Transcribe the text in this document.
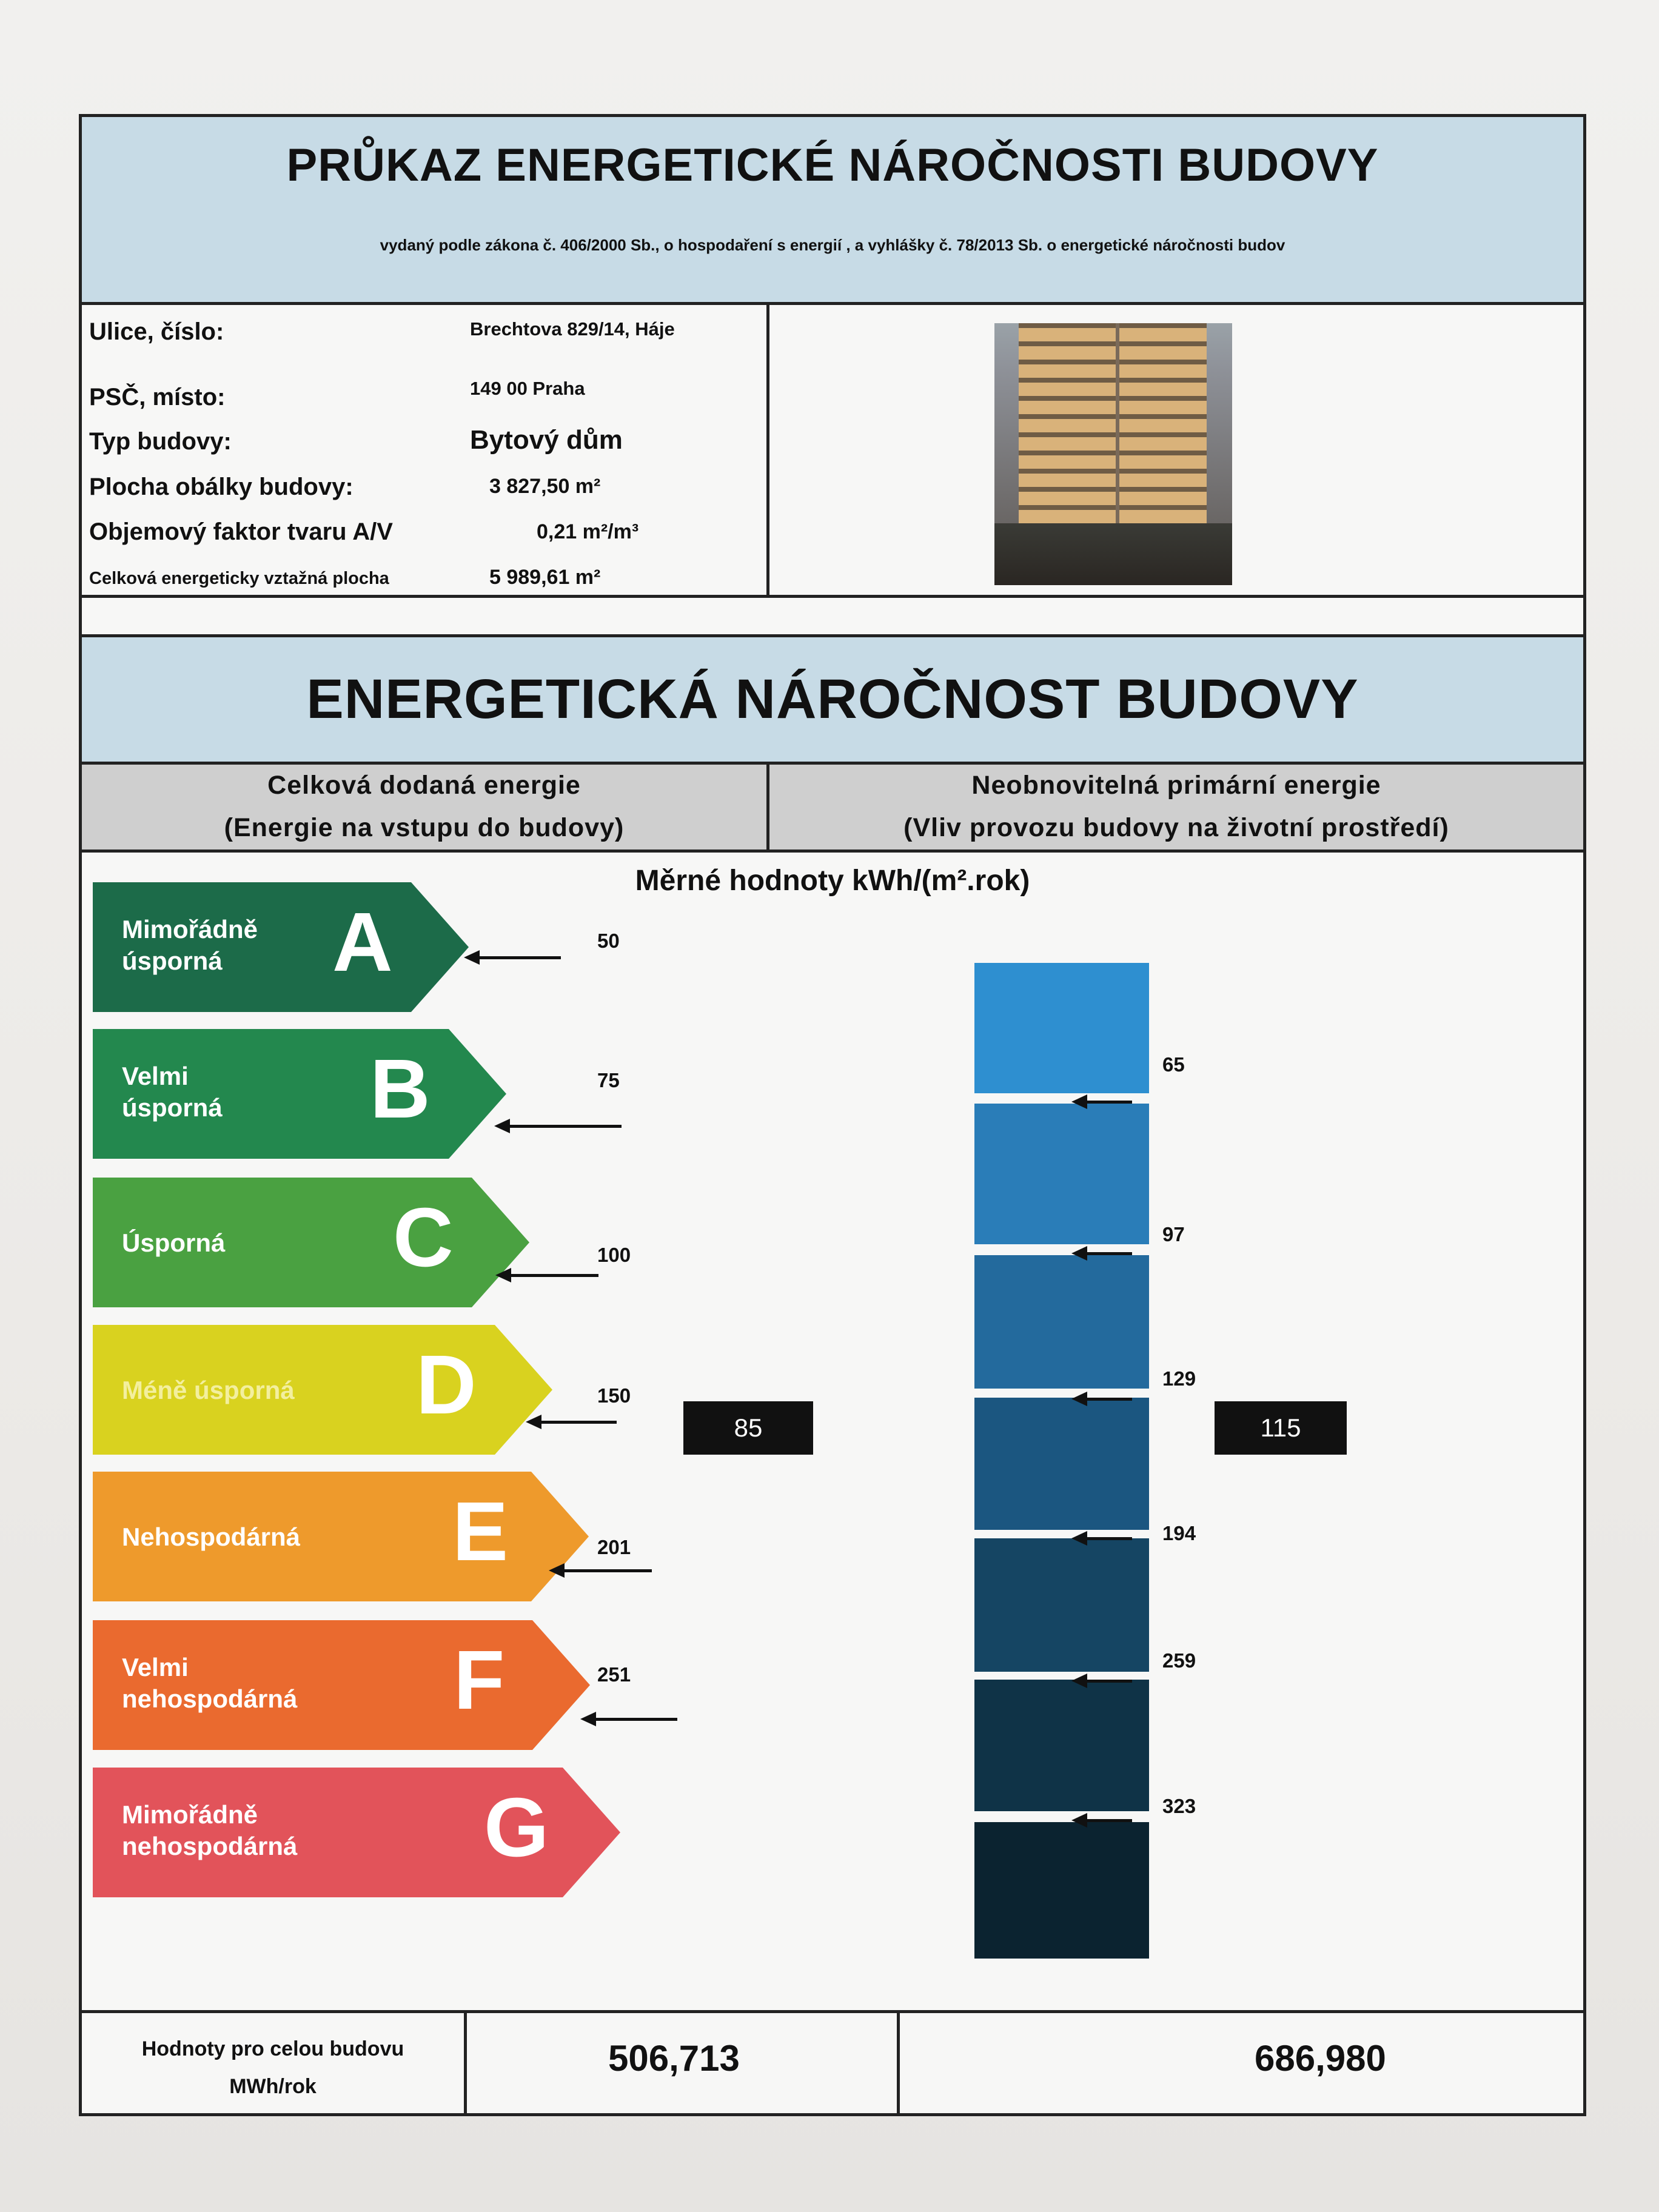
PRŮKAZ ENERGETICKÉ NÁROČNOSTI BUDOVY
vydaný podle zákona č. 406/2000 Sb., o hospodaření s energií , a vyhlášky č. 78/2013 Sb. o energetické náročnosti budov
Ulice, číslo:	Brechtova 829/14, Háje
PSČ, místo:	149 00 Praha
Typ budovy:	Bytový dům
Plocha obálky budovy:	3 827,50 m²
Objemový faktor tvaru A/V	0,21 m²/m³
Celková energeticky vztažná plocha	5 989,61 m²
ENERGETICKÁ NÁROČNOST BUDOVY
Celková dodaná energie
(Energie na vstupu do budovy)
Neobnovitelná primární energie
(Vliv provozu budovy na životní prostředí)
Měrné hodnoty kWh/(m².rok)
Mimořádně
úsporná	A
Velmi
úsporná B
Úsporná C
Méně úsporná D
Nehospodárná E
Velmi
nehospodárná F
Mimořádně
nehospodárná G
50
75
100
150
201
251
85
65
97
129
194
259
323
115
Hodnoty pro celou budovu
MWh/rok
506,713	686,980
